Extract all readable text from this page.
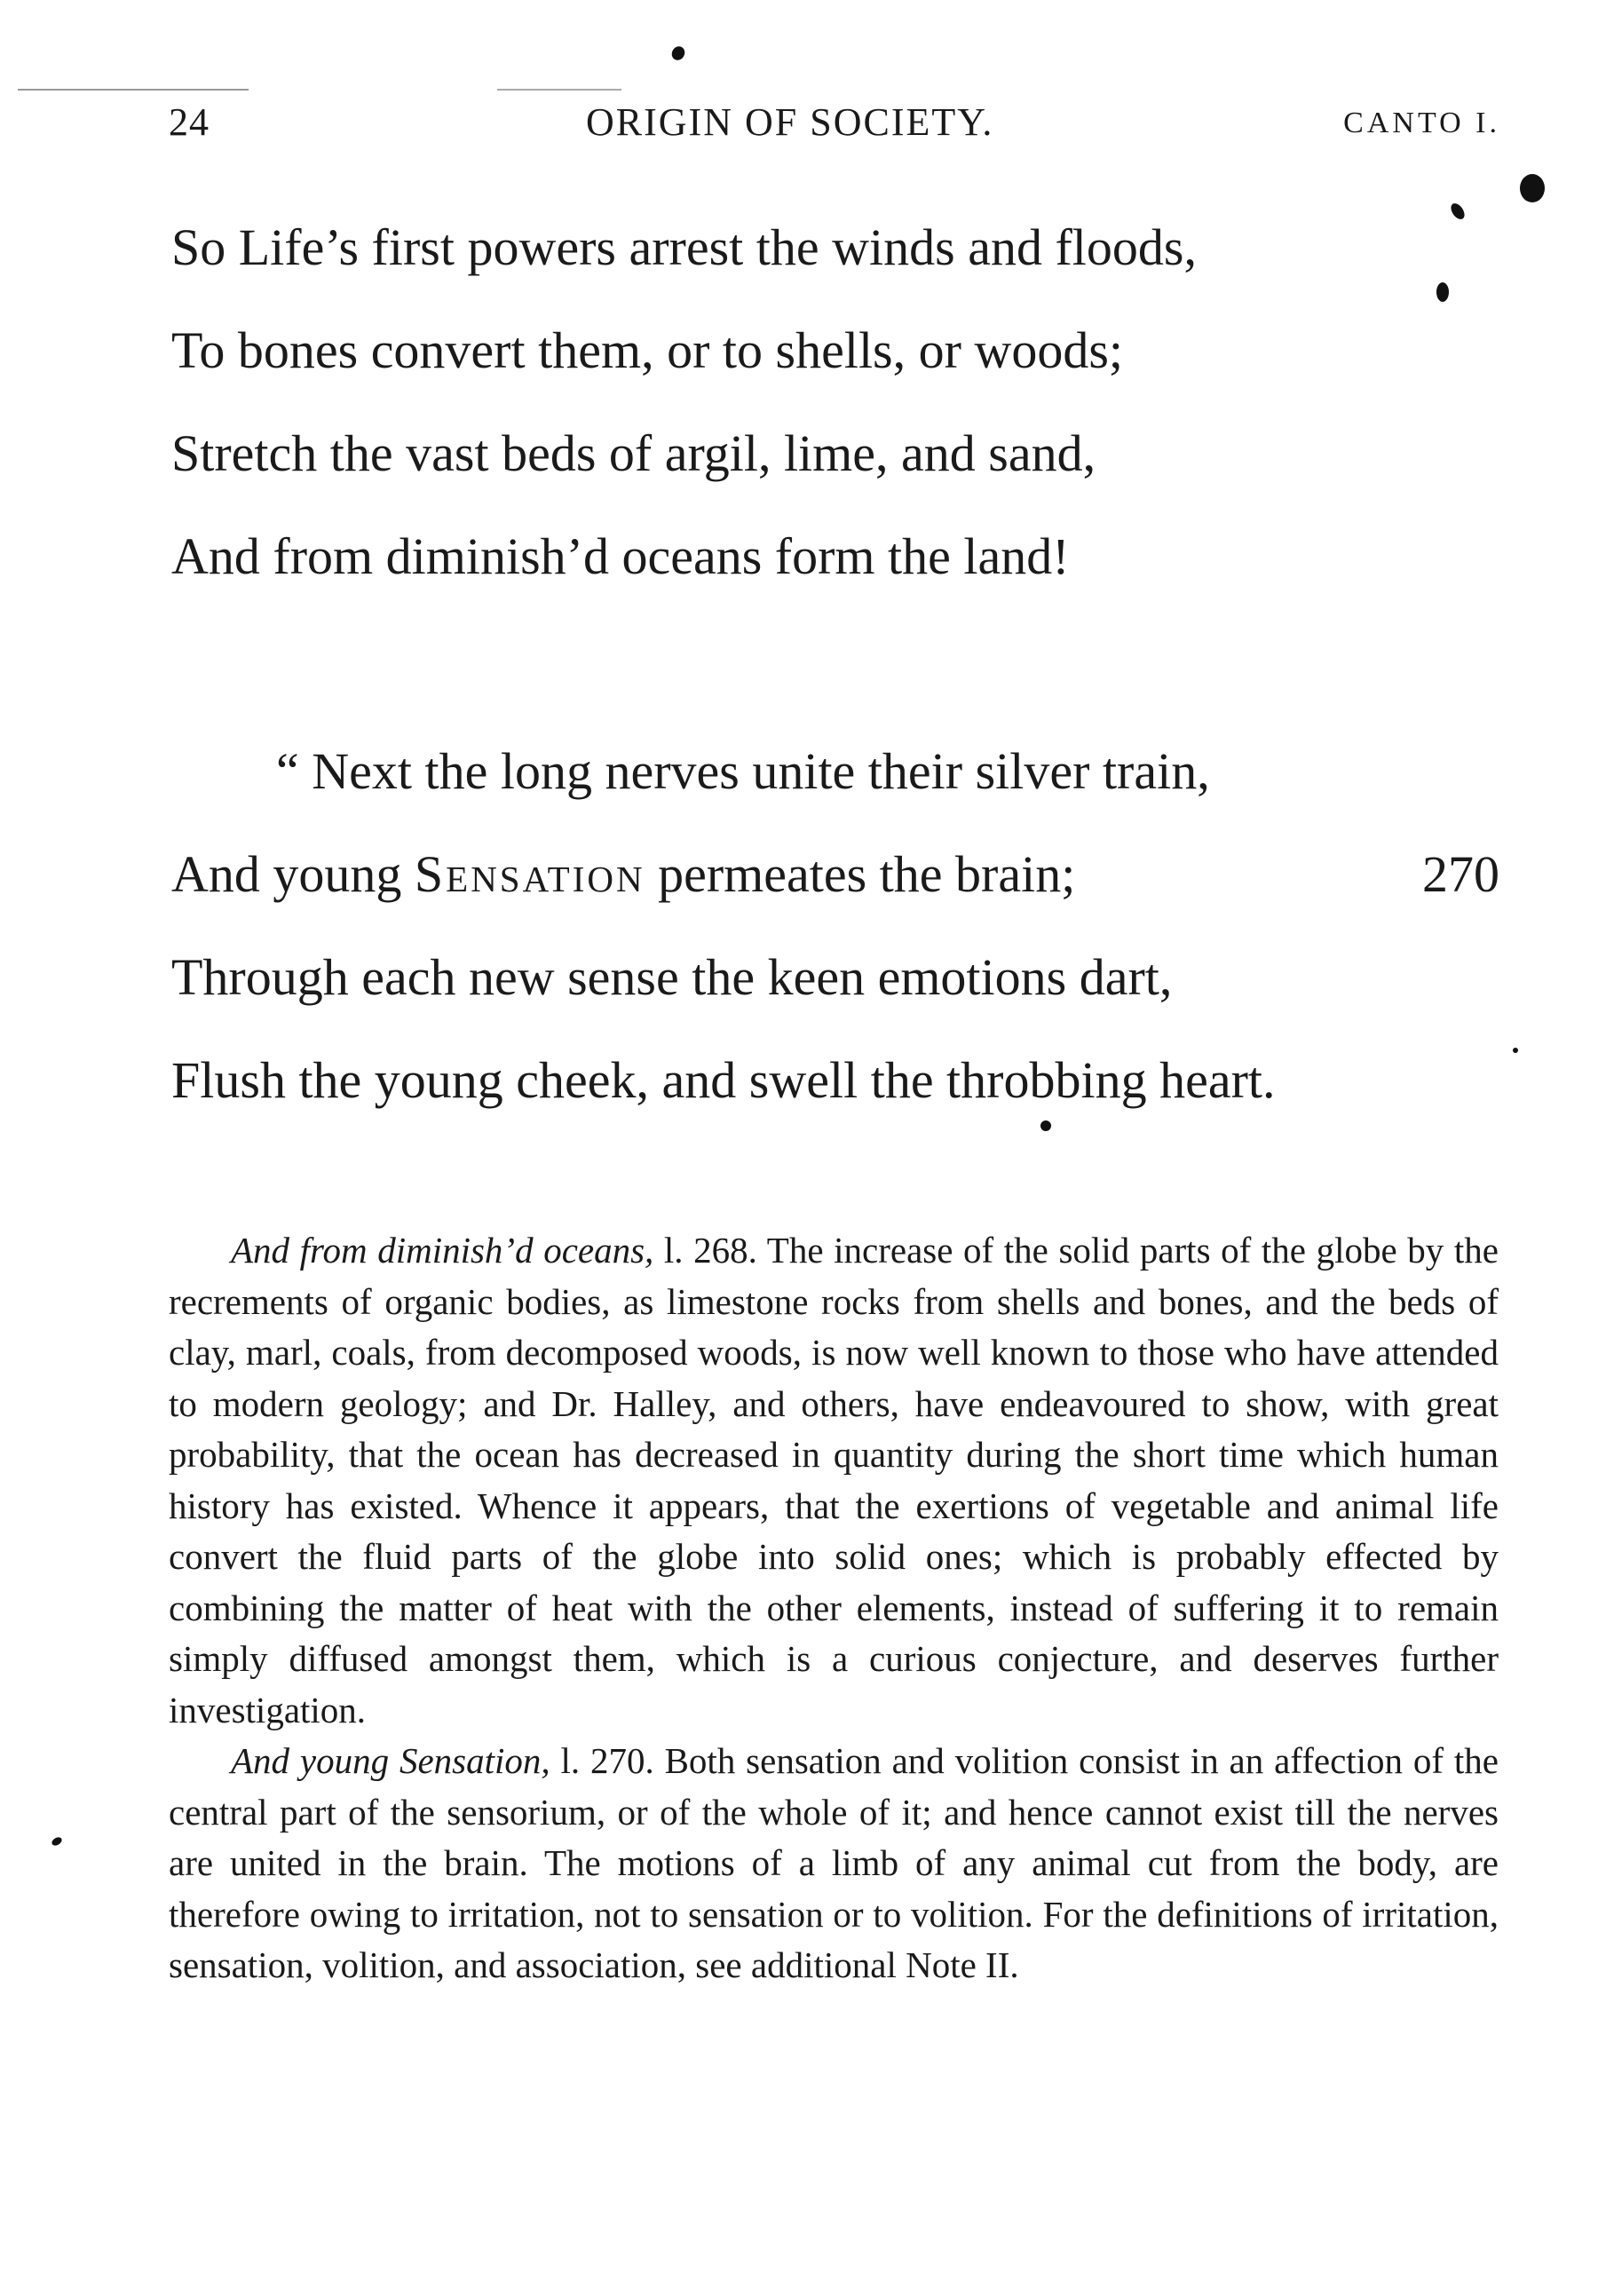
24	ORIGIN OF SOCIETY.	CANTO I.
So Life’s first powers arrest the winds and floods,
To bones convert them, or to shells, or woods;
Stretch the vast beds of argil, lime, and sand,
And from diminish’d oceans form the land!
“ Next the long nerves unite their silver train,
And young Sensation permeates the brain;	270
Through each new sense the keen emotions dart,
Flush the young cheek, and swell the throbbing heart.

And from diminish’d oceans, l. 268. The increase of the solid parts of the globe by the recrements of organic bodies, as limestone rocks from shells and bones, and the beds of clay, marl, coals, from decomposed woods, is now well known to those who have attended to modern geology; and Dr. Halley, and others, have endeavoured to show, with great probability, that the ocean has decreased in quantity during the short time which human history has existed. Whence it appears, that the exertions of vegetable and animal life convert the fluid parts of the globe into solid ones; which is probably effected by combining the matter of heat with the other elements, instead of suffering it to remain simply diffused amongst them, which is a curious conjecture, and deserves further investigation.

And young Sensation, l. 270. Both sensation and volition consist in an affection of the central part of the sensorium, or of the whole of it; and hence cannot exist till the nerves are united in the brain. The motions of a limb of any animal cut from the body, are therefore owing to irritation, not to sensation or to volition. For the definitions of irritation, sensation, volition, and association, see additional Note II.
